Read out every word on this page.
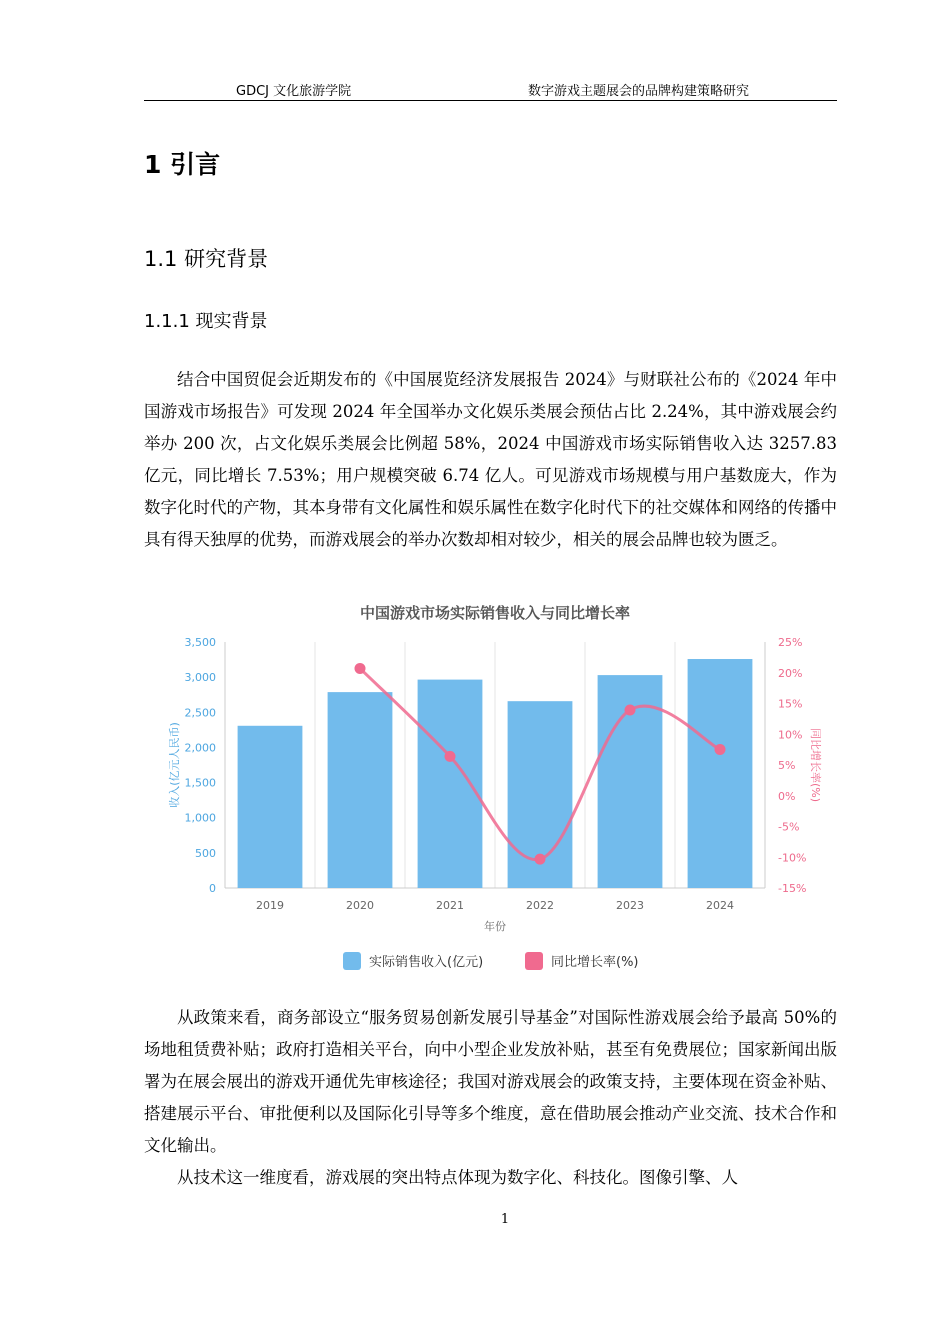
GDCJ 文化旅游学院	数字游戏主题展会的品牌构建策略研究
1 引言
1.1 研究背景
1.1.1 现实背景

结合中国贸促会近期发布的《中国展览经济发展报告 2024》与财联社公布的《2024 年中国游戏市场报告》可发现 2024 年全国举办文化娱乐类展会预估占比 2.24%，其中游戏展会约举办 200 次，占文化娱乐类展会比例超 58%，2024 中国游戏市场实际销售收入达 3257.83 亿元，同比增长 7.53%；用户规模突破 6.74 亿人。可见游戏市场规模与用户基数庞大，作为数字化时代的产物，其本身带有文化属性和娱乐属性在数字化时代下的社交媒体和网络的传播中具有得天独厚的优势，而游戏展会的举办次数却相对较少，相关的展会品牌也较为匮乏。

中国游戏市场实际销售收入与同比增长率
0
500
1,000
1,500
2,000
2,500
3,000
3,500
-15%
-10%
-5%
0%
5%
10%
15%
20%
25%
收入(亿元人民币)	同比增长率(%)
2019	2020	2021	2022	2023	2024
年份
实际销售收入(亿元)	同比增长率(%)

从政策来看，商务部设立“服务贸易创新发展引导基金”对国际性游戏展会给予最高 50%的场地租赁费补贴；政府打造相关平台，向中小型企业发放补贴，甚至有免费展位；国家新闻出版署为在展会展出的游戏开通优先审核途径；我国对游戏展会的政策支持，主要体现在资金补贴、搭建展示平台、审批便利以及国际化引导等多个维度，意在借助展会推动产业交流、技术合作和文化输出。

从技术这一维度看，游戏展的突出特点体现为数字化、科技化。图像引擎、人

1
